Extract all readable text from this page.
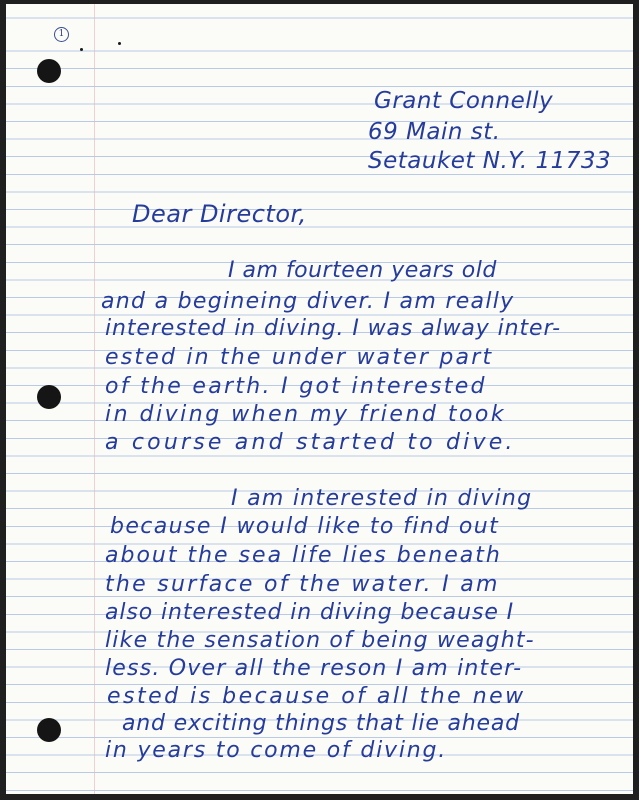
1
Grant Connelly
69 Main st.
Setauket N.Y. 11733
Dear Director,
I am fourteen years old
and a begineing diver. I am really
interested in diving. I was alway inter-
ested in the under water part
of the earth. I got interested
in diving when my friend took
a course and started to dive.
I am interested in diving
because I would like to find out
about the sea life lies beneath
the surface of the water. I am
also interested in diving because I
like the sensation of being weaght-
less. Over all the reson I am inter-
ested is because of all the new
and exciting things that lie ahead
in years to come of diving.
